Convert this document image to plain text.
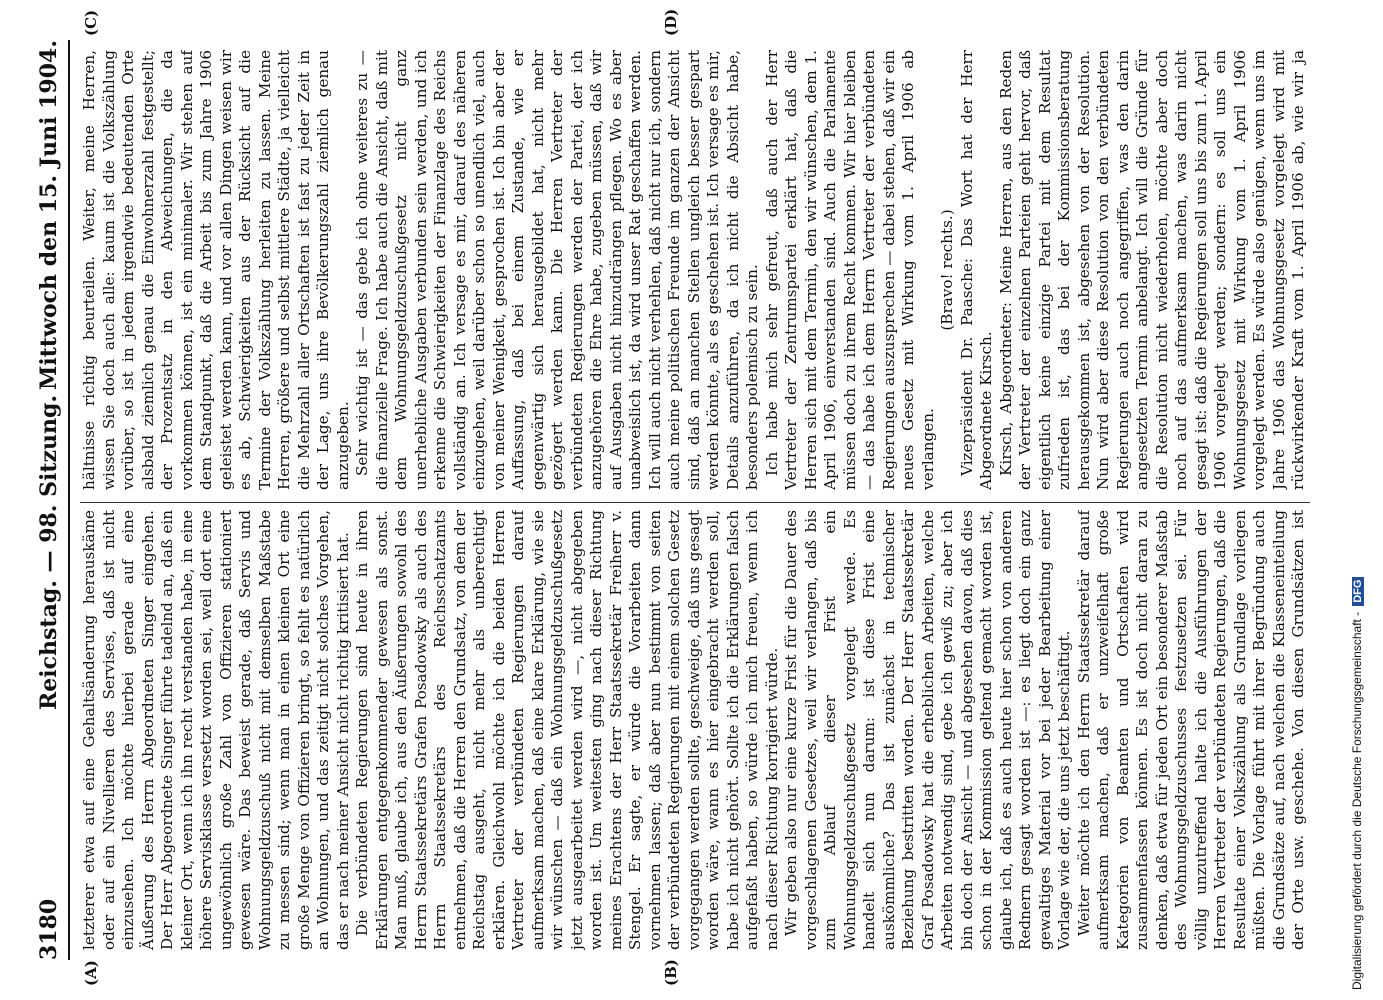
3180
Reichstag. — 98. Sitzung.
Mittwoch den 15. Juni 1904.
(A)	(B)
(C)	(D)

letzterer etwa auf eine Gehaltsänderung herauskäme oder auf ein Nivellieren des Servises, daß ist nicht einzusehen. Ich möchte hierbei gerade auf eine Äußerung des Herrn Abgeordneten Singer eingehen. Der Herr Abgeordnete Singer führte tadelnd an, daß ein kleiner Ort, wenn ich ihn recht verstanden habe, in eine höhere Servisklasse versetzt worden sei, weil dort eine ungewöhnlich große Zahl von Offizieren stationiert gewesen wäre. Das beweist gerade, daß Servis und Wohnungsgeldzuschuß nicht mit demselben Maßstabe zu messen sind; wenn man in einen kleinen Ort eine große Menge von Offizieren bringt, so fehlt es natürlich an Wohnungen, und das zeitigt nicht solches Vorgehen, das er nach meiner Ansicht nicht richtig kritisiert hat. Die verbündeten Regierungen sind heute in ihren Erklärungen entgegenkommender gewesen als sonst. Man muß, glaube ich, aus den Äußerungen sowohl des Herrn Staatssekretärs Grafen Posadowsky als auch des Herrn Staatssekretärs des Reichsschatzamts entnehmen, daß die Herren den Grundsatz, von dem der Reichstag ausgeht, nicht mehr als unberechtigt erklären. Gleichwohl möchte ich die beiden Herren Vertreter der verbündeten Regierungen darauf aufmerksam machen, daß eine klare Erklärung, wie sie wir wünschen — daß ein Wohnungsgeldzuschußgesetz jetzt ausgearbeitet werden wird —, nicht abgegeben worden ist. Um weitesten ging nach dieser Richtung meines Erachtens der Herr Staatssekretär Freiherr v. Stengel. Er sagte, er würde die Vorarbeiten dann vornehmen lassen; daß aber nun bestimmt von seiten der verbündeten Regierungen mit einem solchen Gesetz vorgegangen werden sollte, geschweige, daß uns gesagt worden wäre, wann es hier eingebracht werden soll, habe ich nicht gehört. Sollte ich die Erklärungen falsch aufgefaßt haben, so würde ich mich freuen, wenn ich nach dieser Richtung korrigiert würde. Wir geben also nur eine kurze Frist für die Dauer des vorgeschlagenen Gesetzes, weil wir verlangen, daß bis zum Ablauf dieser Frist ein Wohnungsgeldzuschußgesetz vorgelegt werde. Es handelt sich nun darum: ist diese Frist eine auskömmliche? Das ist zunächst in technischer Beziehung bestritten worden. Der Herr Staatssekretär Graf Posadowsky hat die erheblichen Arbeiten, welche Arbeiten notwendig sind, gebe ich gewiß zu; aber ich bin doch der Ansicht — und abgesehen davon, daß dies schon in der Kommission geltend gemacht worden ist, glaube ich, daß es auch heute hier schon von anderen Rednern gesagt worden ist —: es liegt doch ein ganz gewaltiges Material vor bei jeder Bearbeitung einer Vorlage wie der, die uns jetzt beschäftigt. Weiter möchte ich den Herrn Staatssekretär darauf aufmerksam machen, daß er unzweifelhaft große Kategorien von Beamten und Ortschaften wird zusammenfassen können. Es ist doch nicht daran zu denken, daß etwa für jeden Ort ein besonderer Maßstab des Wohnungsgeldzuschusses festzusetzen sei. Für völlig unzutreffend halte ich die Ausführungen der Herren Vertreter der verbündeten Regierungen, daß die Resultate einer Volkszählung als Grundlage vorliegen müßten. Die Vorlage führt mit ihrer Begründung auch die Grundsätze auf, nach welchen die Klasseneinteilung der Orte usw. geschehe. Von diesen Grundsätzen ist

hältnisse richtig beurteilen. Weiter, meine Herren, wissen Sie doch auch alle: kaum ist die Volkszählung vorüber, so ist in jedem irgendwie bedeutenden Orte alsbald ziemlich genau die Einwohnerzahl festgestellt; der Prozentsatz in den Abweichungen, die da vorkommen können, ist ein minimaler. Wir stehen auf dem Standpunkt, daß die Arbeit bis zum Jahre 1906 geleistet werden kann, und vor allen Dingen weisen wir es ab, Schwierigkeiten aus der Rücksicht auf die Termine der Volkszählung herleiten zu lassen. Meine Herren, größere und selbst mittlere Städte, ja vielleicht die Mehrzahl aller Ortschaften ist fast zu jeder Zeit in der Lage, uns ihre Bevölkerungszahl ziemlich genau anzugeben. Sehr wichtig ist — das gebe ich ohne weiteres zu — die finanzielle Frage. Ich habe auch die Ansicht, daß mit dem Wohnungsgeldzuschußgesetz nicht ganz unerhebliche Ausgaben verbunden sein werden, und ich erkenne die Schwierigkeiten der Finanzlage des Reichs vollständig an. Ich versage es mir, darauf des näheren einzugehen, weil darüber schon so unendlich viel, auch von meiner Wenigkeit, gesprochen ist. Ich bin aber der Auffassung, daß bei einem Zustande, wie er gegenwärtig sich herausgebildet hat, nicht mehr gezögert werden kann. Die Herren Vertreter der verbündeten Regierungen werden der Partei, der ich anzugehören die Ehre habe, zugeben müssen, daß wir auf Ausgaben nicht hinzudrängen pflegen. Wo es aber unabweislich ist, da wird unser Rat geschaffen werden. Ich will auch nicht verhehlen, daß nicht nur ich, sondern auch meine politischen Freunde im ganzen der Ansicht sind, daß an manchen Stellen ungleich besser gespart werden könnte, als es geschehen ist. Ich versage es mir, Details anzuführen, da ich nicht die Absicht habe, besonders polemisch zu sein. Ich habe mich sehr gefreut, daß auch der Herr Vertreter der Zentrumspartei erklärt hat, daß die Herren sich mit dem Termin, den wir wünschen, dem 1. April 1906, einverstanden sind. Auch die Parlamente müssen doch zu ihrem Recht kommen. Wir hier bleiben — das habe ich dem Herrn Vertreter der verbündeten Regierungen auszusprechen — dabei stehen, daß wir ein neues Gesetz mit Wirkung vom 1. April 1906 ab verlangen.

(Bravo! rechts.) Vizepräsident Dr. Paasche: Das Wort hat der Herr Abgeordnete Kirsch. Kirsch, Abgeordneter: Meine Herren, aus den Reden der Vertreter der einzelnen Parteien geht hervor, daß eigentlich keine einzige Partei mit dem Resultat zufrieden ist, das bei der Kommissionsberatung herausgekommen ist, abgesehen von der Resolution. Nun wird aber diese Resolution von den verbündeten Regierungen auch noch angegriffen, was den darin angesetzten Termin anbelangt. Ich will die Gründe für die Resolution nicht wiederholen, möchte aber doch noch auf das aufmerksam machen, was darin nicht gesagt ist: daß die Regierungen soll uns bis zum 1. April 1906 vorgelegt werden; sondern: es soll uns ein Wohnungsgesetz mit Wirkung vom 1. April 1906 vorgelegt werden. Es würde also genügen, wenn uns im Jahre 1906 das Wohnungsgesetz vorgelegt wird mit rückwirkender Kraft vom 1. April 1906 ab, wie wir ja

Digitalisierung gefördert durch die Deutsche Forschungsgemeinschaft -DFG
